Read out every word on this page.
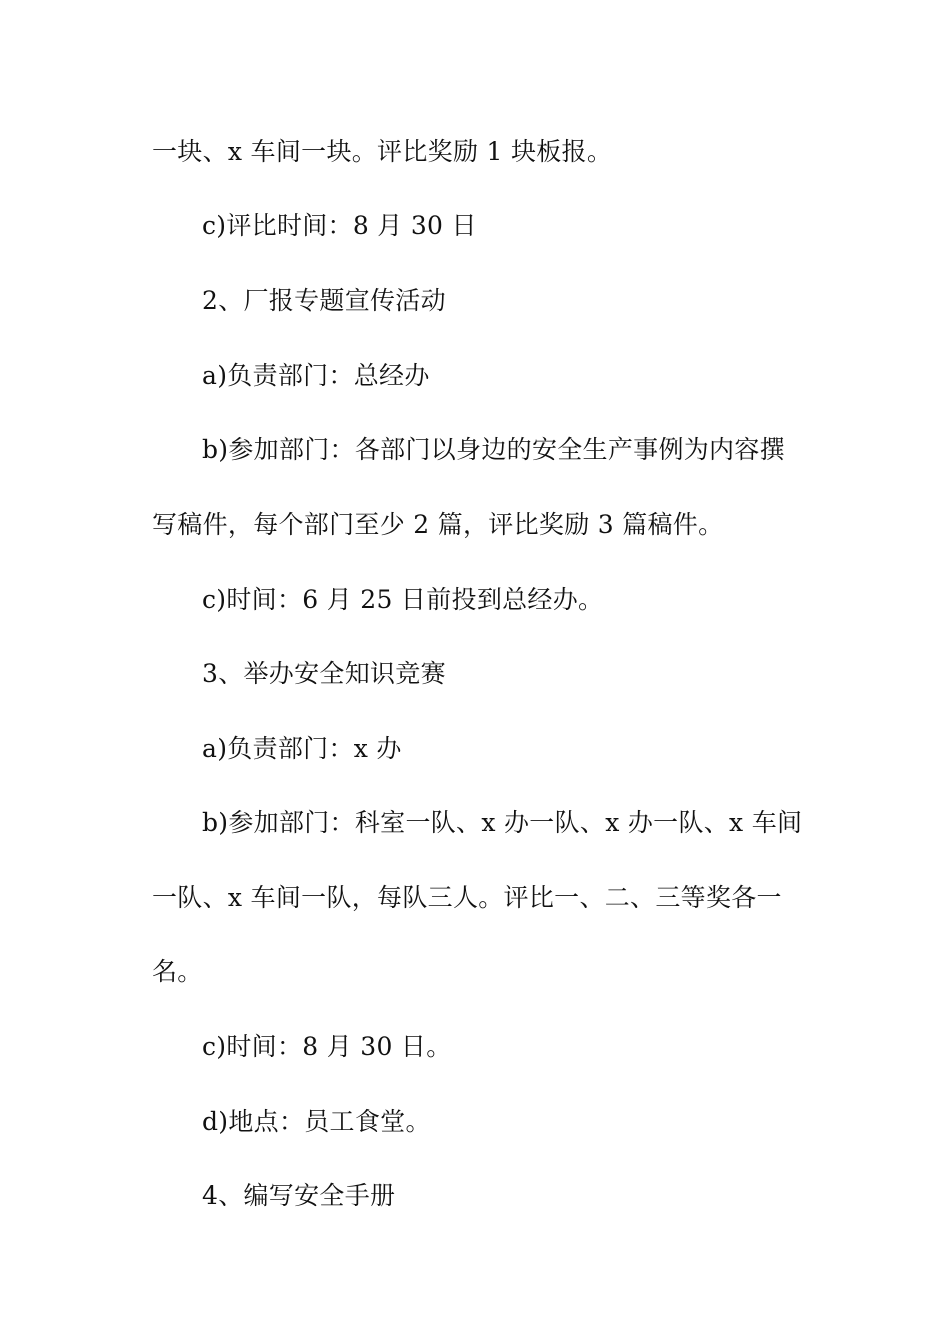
一块、x 车间一块。评比奖励 1 块板报。
c)评比时间：8 月 30 日
2、厂报专题宣传活动
a)负责部门：总经办
b)参加部门：各部门以身边的安全生产事例为内容撰
写稿件，每个部门至少 2 篇，评比奖励 3 篇稿件。
c)时间：6 月 25 日前投到总经办。
3、举办安全知识竞赛
a)负责部门：x 办
b)参加部门：科室一队、x 办一队、x 办一队、x 车间
一队、x 车间一队，每队三人。评比一、二、三等奖各一
名。
c)时间：8 月 30 日。
d)地点：员工食堂。
4、编写安全手册
